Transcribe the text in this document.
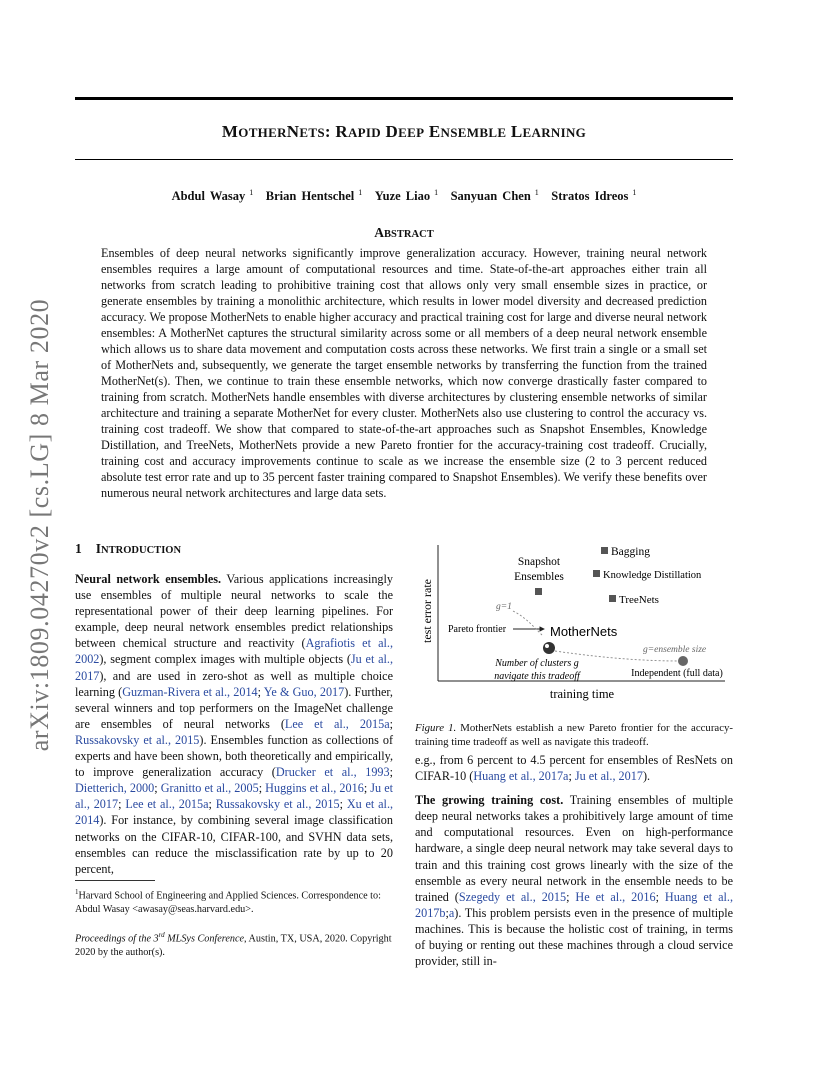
arXiv:1809.04270v2 [cs.LG] 8 Mar 2020
MOTHERNETS: RAPID DEEP ENSEMBLE LEARNING
Abdul Wasay $^1$  Brian Hentschel $^1$  Yuze Liao $^1$  Sanyuan Chen $^1$  Stratos Idreos $^1$
ABSTRACT
Ensembles of deep neural networks significantly improve generalization accuracy. However, training neural network ensembles requires a large amount of computational resources and time. State-of-the-art approaches either train all networks from scratch leading to prohibitive training cost that allows only very small ensemble sizes in practice, or generate ensembles by training a monolithic architecture, which results in lower model diversity and decreased prediction accuracy. We propose MotherNets to enable higher accuracy and practical training cost for large and diverse neural network ensembles: A MotherNet captures the structural similarity across some or all members of a deep neural network ensemble which allows us to share data movement and computation costs across these networks. We first train a single or a small set of MotherNets and, subsequently, we generate the target ensemble networks by transferring the function from the trained MotherNet(s). Then, we continue to train these ensemble networks, which now converge drastically faster compared to training from scratch. MotherNets handle ensembles with diverse architectures by clustering ensemble networks of similar architecture and training a separate MotherNet for every cluster. MotherNets also use clustering to control the accuracy vs. training cost tradeoff. We show that compared to state-of-the-art approaches such as Snapshot Ensembles, Knowledge Distillation, and TreeNets, MotherNets provide a new Pareto frontier for the accuracy-training cost tradeoff. Crucially, training cost and accuracy improvements continue to scale as we increase the ensemble size (2 to 3 percent reduced absolute test error rate and up to 35 percent faster training compared to Snapshot Ensembles). We verify these benefits over numerous neural network architectures and large data sets.
1 INTRODUCTION
Neural network ensembles. Various applications increasingly use ensembles of multiple neural networks to scale the representational power of their deep learning pipelines. For example, deep neural network ensembles predict relationships between chemical structure and reactivity (Agrafiotis et al., 2002), segment complex images with multiple objects (Ju et al., 2017), and are used in zero-shot as well as multiple choice learning (Guzman-Rivera et al., 2014; Ye & Guo, 2017). Further, several winners and top performers on the ImageNet challenge are ensembles of neural networks (Lee et al., 2015a; Russakovsky et al., 2015). Ensembles function as collections of experts and have been shown, both theoretically and empirically, to improve generalization accuracy (Drucker et al., 1993; Dietterich, 2000; Granitto et al., 2005; Huggins et al., 2016; Ju et al., 2017; Lee et al., 2015a; Russakovsky et al., 2015; Xu et al., 2014). For instance, by combining several image classification networks on the CIFAR-10, CIFAR-100, and SVHN data sets, ensembles can reduce the misclassification rate by up to 20 percent,
$^1$Harvard School of Engineering and Applied Sciences. Correspondence to: Abdul Wasay <awasay@seas.harvard.edu>.
Proceedings of the 3rd MLSys Conference, Austin, TX, USA, 2020. Copyright 2020 by the author(s).
test error rate
training time
Bagging
Knowledge Distillation
TreeNets
Snapshot
Ensembles
g=1
Pareto frontier	MotherNets
g=ensemble size
Number of clusters g
navigate this tradeoff	Independent (full data)
Figure 1. MotherNets establish a new Pareto frontier for the accuracy-training time tradeoff as well as navigate this tradeoff.
e.g., from 6 percent to 4.5 percent for ensembles of ResNets on CIFAR-10 (Huang et al., 2017a; Ju et al., 2017).
The growing training cost. Training ensembles of multiple deep neural networks takes a prohibitively large amount of time and computational resources. Even on high-performance hardware, a single deep neural network may take several days to train and this training cost grows linearly with the size of the ensemble as every neural network in the ensemble needs to be trained (Szegedy et al., 2015; He et al., 2016; Huang et al., 2017b;a). This problem persists even in the presence of multiple machines. This is because the holistic cost of training, in terms of buying or renting out these machines through a cloud service provider, still in-
